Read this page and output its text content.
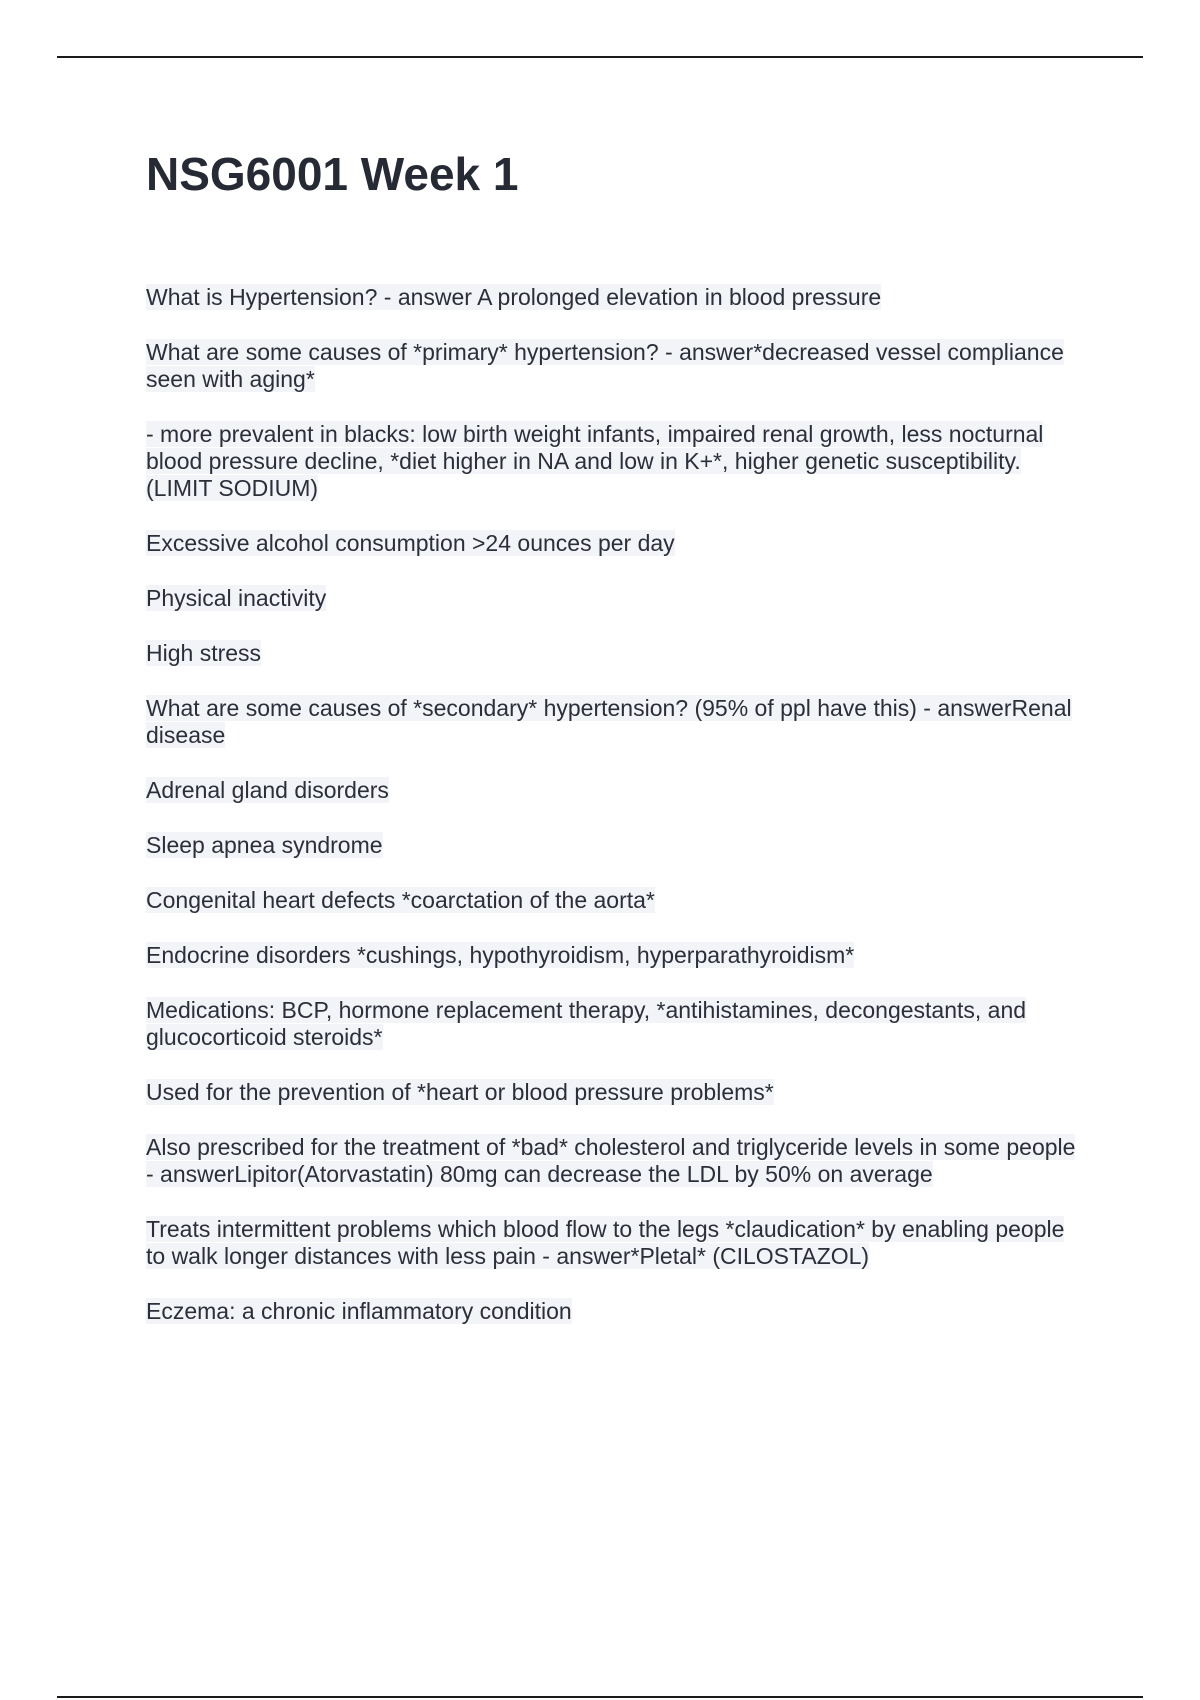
NSG6001 Week 1

What is Hypertension? - answer A prolonged elevation in blood pressure

What are some causes of *primary* hypertension? - answer*decreased vessel compliance seen with aging*

- more prevalent in blacks: low birth weight infants, impaired renal growth, less nocturnal blood pressure decline, *diet higher in NA and low in K+*, higher genetic susceptibility. (LIMIT SODIUM)

Excessive alcohol consumption >24 ounces per day

Physical inactivity

High stress

What are some causes of *secondary* hypertension? (95% of ppl have this) - answerRenal disease

Adrenal gland disorders

Sleep apnea syndrome

Congenital heart defects *coarctation of the aorta*

Endocrine disorders *cushings, hypothyroidism, hyperparathyroidism*

Medications: BCP, hormone replacement therapy, *antihistamines, decongestants, and glucocorticoid steroids*

Used for the prevention of *heart or blood pressure problems*

Also prescribed for the treatment of *bad* cholesterol and triglyceride levels in some people - answerLipitor(Atorvastatin) 80mg can decrease the LDL by 50% on average

Treats intermittent problems which blood flow to the legs *claudication* by enabling people to walk longer distances with less pain - answer*Pletal* (CILOSTAZOL)

Eczema: a chronic inflammatory condition
